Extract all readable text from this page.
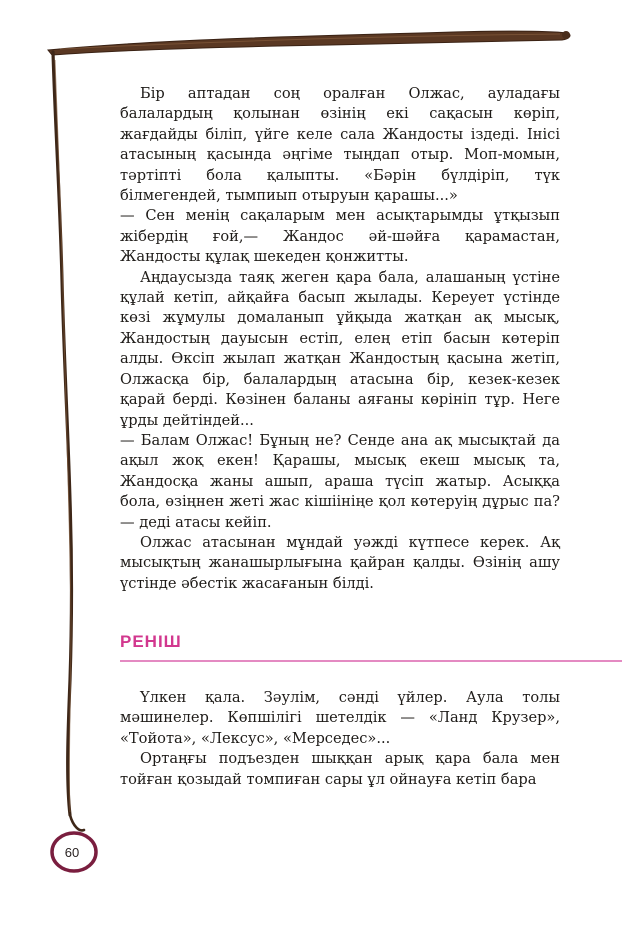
Бір аптадан соң оралған Олжас, ауладағы балалардың қолынан өзінің екі сақасын көріп, жағдайды біліп, үйге келе сала Жандосты іздеді. Інісі атасының қасында әңгіме тыңдап отыр. Моп-момын, тәртіпті бола қалыпты. «Бәрін бүлдіріп, түк білмегендей, тымпиып отыруын қарашы...»

— Сен менің сақаларым мен асықтарымды ұтқызып жібердің ғой,— Жандос әй-шәйға қарамастан, Жандосты құлақ шекеден қонжитты.

Аңдаусызда таяқ жеген қара бала, алашаның үстіне құлай кетіп, айқайға басып жылады. Кереует үстінде көзі жұмулы домаланып ұйқыда жатқан ақ мысық, Жандостың дауысын естіп, елең етіп басын көтеріп алды. Өксіп жылап жатқан Жандостың қасына жетіп, Олжасқа бір, балалардың атасына бір, кезек-кезек қарай берді. Көзінен баланы аяғаны көрініп тұр. Неге ұрды дейтіндей...

— Балам Олжас! Бұның не? Сенде ана ақ мысықтай да ақыл жоқ екен! Қарашы, мысық екеш мысық та, Жандосқа жаны ашып, араша түсіп жатыр. Асыққа бола, өзіңнен жеті жас кішіініңе қол көтеруің дұрыс па? — деді атасы кейіп.

Олжас атасынан мұндай уәжді күтпесе керек. Ақ мысықтың жанашырлығына қайран қалды. Өзінің ашу үстінде әбестік жасағанын білді.

РЕНІШ

Үлкен қала. Зәулім, сәнді үйлер. Аула толы мәшинелер. Көпшілігі шетелдік — «Ланд Крузер», «Тойота», «Лексус», «Мерседес»...

Ортаңғы подъезден шыққан арық қара бала мен тойған қозыдай томпиған сары ұл ойнауға кетіп бара

60
